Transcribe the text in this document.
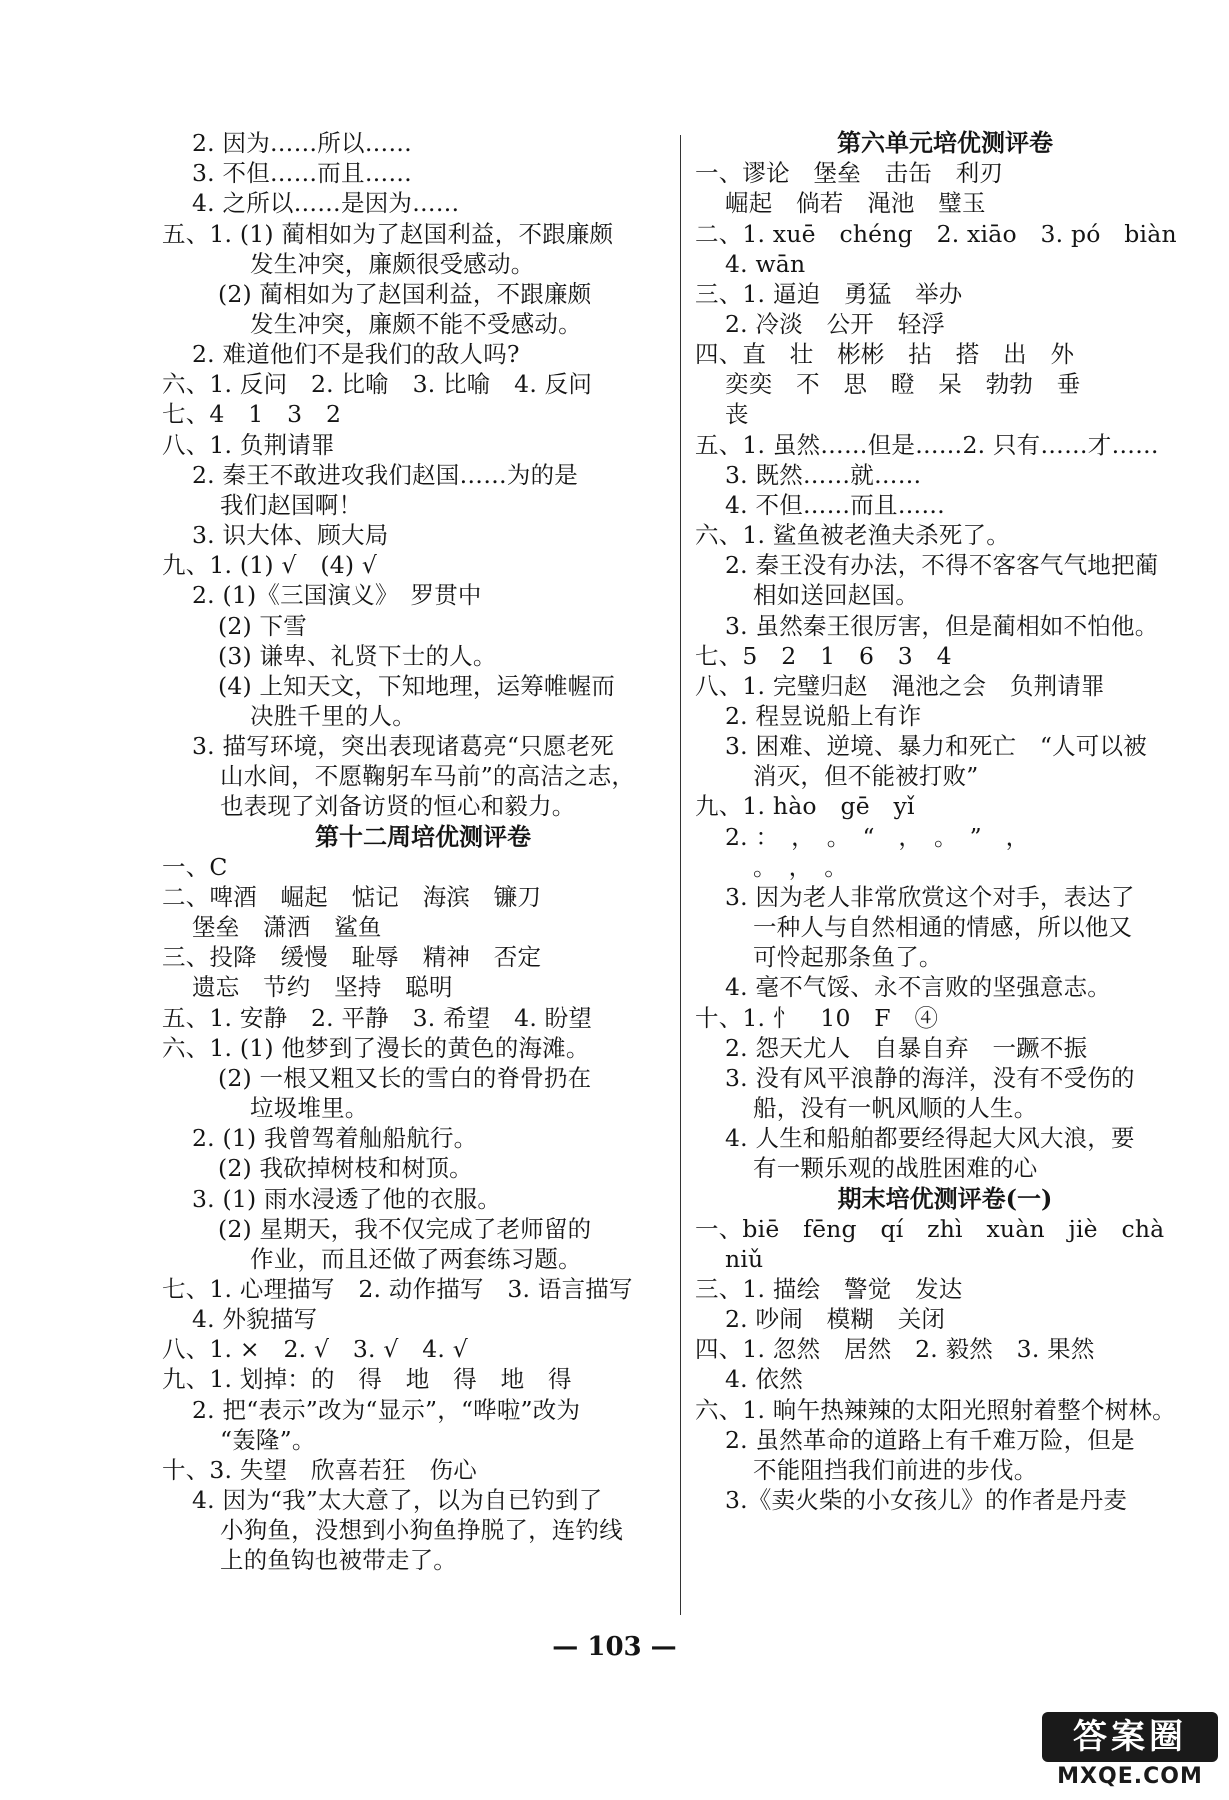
2. 因为……所以……
3. 不但……而且……
4. 之所以……是因为……
五、1. (1) 蔺相如为了赵国利益，不跟廉颇
发生冲突，廉颇很受感动。
(2) 蔺相如为了赵国利益，不跟廉颇
发生冲突，廉颇不能不受感动。
2. 难道他们不是我们的敌人吗?
六、1. 反问　2. 比喻　3. 比喻　4. 反问
七、4　1　3　2
八、1. 负荆请罪
2. 秦王不敢进攻我们赵国……为的是
我们赵国啊！
3. 识大体、顾大局
九、1. (1) √　(4) √
2. (1)《三国演义》　罗贯中
(2) 下雪
(3) 谦卑、礼贤下士的人。
(4) 上知天文，下知地理，运筹帷幄而
决胜千里的人。
3. 描写环境，突出表现诸葛亮“只愿老死
山水间，不愿鞠躬车马前”的高洁之志，
也表现了刘备访贤的恒心和毅力。
第十二周培优测评卷
一、C
二、啤酒　崛起　惦记　海滨　镰刀
堡垒　潇洒　鲨鱼
三、投降　缓慢　耻辱　精神　否定
遗忘　节约　坚持　聪明
五、1. 安静　2. 平静　3. 希望　4. 盼望
六、1. (1) 他梦到了漫长的黄色的海滩。
(2) 一根又粗又长的雪白的脊骨扔在
垃圾堆里。
2. (1) 我曾驾着舢船航行。
(2) 我砍掉树枝和树顶。
3. (1) 雨水浸透了他的衣服。
(2) 星期天，我不仅完成了老师留的
作业，而且还做了两套练习题。
七、1. 心理描写　2. 动作描写　3. 语言描写
4. 外貌描写
八、1. ×　2. √　3. √　4. √
九、1. 划掉：的　得　地　得　地　得
2. 把“表示”改为“显示”，“哗啦”改为
“轰隆”。
十、3. 失望　欣喜若狂　伤心
4. 因为“我”太大意了，以为自已钓到了
小狗鱼，没想到小狗鱼挣脱了，连钓线
上的鱼钩也被带走了。
第六单元培优测评卷
一、谬论　堡垒　击缶　利刃
崛起　倘若　渑池　璧玉
二、1. xuē　chéng　2. xiāo　3. pó　biàn
4. wān
三、1. 逼迫　勇猛　举办
2. 冷淡　公开　轻浮
四、直　壮　彬彬　拈　搭　出　外
奕奕　不　思　瞪　呆　勃勃　垂
丧
五、1. 虽然……但是……2. 只有……才……
3. 既然……就……
4. 不但……而且……
六、1. 鲨鱼被老渔夫杀死了。
2. 秦王没有办法，不得不客客气气地把蔺
相如送回赵国。
3. 虽然秦王很厉害，但是蔺相如不怕他。
七、5　2　1　6　3　4
八、1. 完璧归赵　渑池之会　负荆请罪
2. 程昱说船上有诈
3. 困难、逆境、暴力和死亡　“人可以被
消灭，但不能被打败”
九、1. hào　gē　yǐ
2. ：　，　。　“　，　。　”　，
。　，　。
3. 因为老人非常欣赏这个对手，表达了
一种人与自然相通的情感，所以他又
可怜起那条鱼了。
4. 毫不气馁、永不言败的坚强意志。
十、1. 忄　10　F　④
2. 怨天尤人　自暴自弃　一蹶不振
3. 没有风平浪静的海洋，没有不受伤的
船，没有一帆风顺的人生。
4. 人生和船舶都要经得起大风大浪，要
有一颗乐观的战胜困难的心
期末培优测评卷(一)
一、biē　fēng　qí　zhì　xuàn　jiè　chà
niǔ
三、1. 描绘　警觉　发达
2. 吵闹　模糊　关闭
四、1. 忽然　居然　2. 毅然　3. 果然
4. 依然
六、1. 晌午热辣辣的太阳光照射着整个树林。
2. 虽然革命的道路上有千难万险，但是
不能阻挡我们前进的步伐。
3.《卖火柴的小女孩儿》的作者是丹麦
— 103 —
答案圈
MXQE.COM
